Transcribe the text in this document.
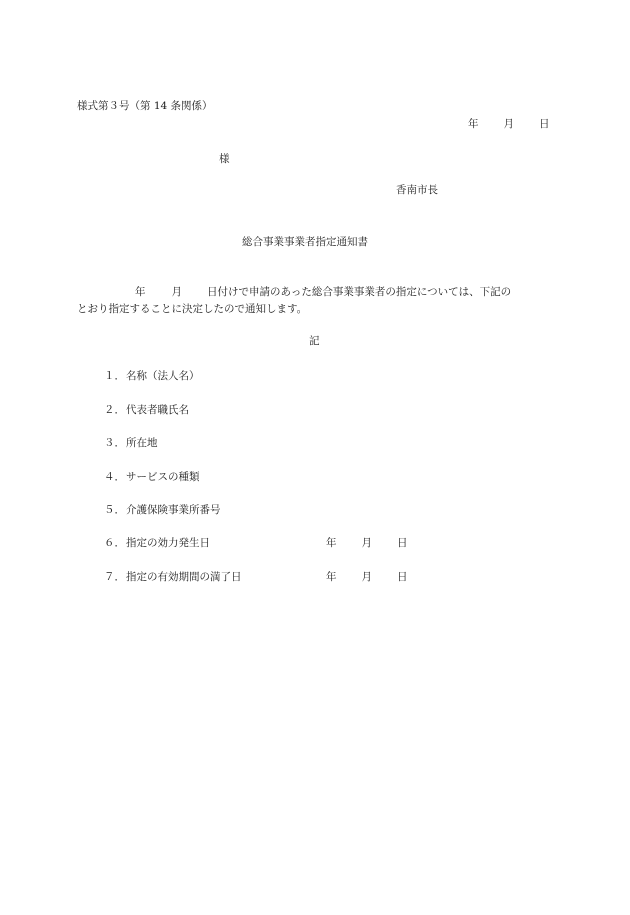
様式第３号（第 14 条関係）
年 月 日
様
香南市長
総合事業事業者指定通知書
年 月 日付けで申請のあった総合事業事業者の指定については、下記の
とおり指定することに決定したので通知します。
記
１．名称（法人名）
２．代表者職氏名
３．所在地
４．サービスの種類
５．介護保険事業所番号
６．指定の効力発生日	年 月 日
７．指定の有効期間の満了日	年 月 日
